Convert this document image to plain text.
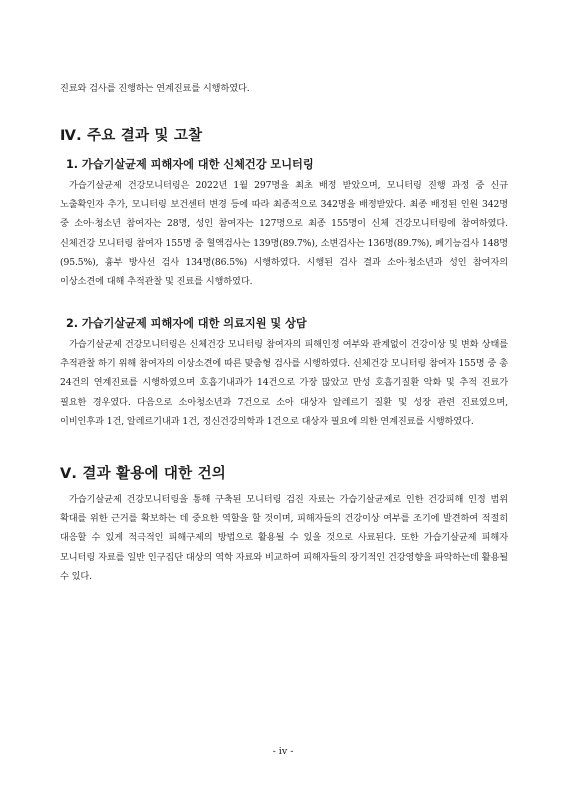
진료와 검사를 진행하는 연계진료를 시행하였다.

Ⅳ. 주요 결과 및 고찰
1. 가습기살균제 피해자에 대한 신체건강 모니터링

가습기살균제 건강모니터링은 2022년 1월 297명을 최초 배정 받았으며, 모니터링 진행 과정 중 신규 노출확인자 추가, 모니터링 보건센터 변경 등에 따라 최종적으로 342명을 배정받았다. 최종 배정된 인원 342명 중 소아·청소년 참여자는 28명, 성인 참여자는 127명으로 최종 155명이 신체 건강모니터링에 참여하였다. 신체건강 모니터링 참여자 155명 중 혈액검사는 139명(89.7%), 소변검사는 136명(89.7%), 폐기능검사 148명(95.5%), 흉부 방사선 검사 134명(86.5%) 시행하였다. 시행된 검사 결과 소아·청소년과 성인 참여자의 이상소견에 대해 추적관찰 및 진료를 시행하였다.

2. 가습기살균제 피해자에 대한 의료지원 및 상담

가습기살균제 건강모니터링은 신체건강 모니터링 참여자의 피해인정 여부와 관계없이 건강이상 및 변화 상태를 추적관찰 하기 위해 참여자의 이상소견에 따른 맞춤형 검사를 시행하였다. 신체건강 모니터링 참여자 155명 중 총 24건의 연계진료를 시행하였으며 호흡기내과가 14건으로 가장 많았고 만성 호흡기질환 악화 및 추적 진료가 필요한 경우였다. 다음으로 소아청소년과 7건으로 소아 대상자 알레르기 질환 및 성장 관련 진료였으며, 이비인후과 1건, 알레르기내과 1건, 정신건강의학과 1건으로 대상자 필요에 의한 연계진료를 시행하였다.

Ⅴ. 결과 활용에 대한 건의

가습기살균제 건강모니터링을 통해 구축된 모니터링 검진 자료는 가습기살균제로 인한 건강피해 인정 범위 확대를 위한 근거를 확보하는 데 중요한 역할을 할 것이며, 피해자들의 건강이상 여부를 조기에 발견하여 적절히 대응할 수 있게 적극적인 피해구제의 방법으로 활용될 수 있을 것으로 사료된다. 또한 가습기살균제 피해자 모니터링 자료를 일반 인구집단 대상의 역학 자료와 비교하여 피해자들의 장기적인 건강영향을 파악하는데 활용될 수 있다.

- iv -
